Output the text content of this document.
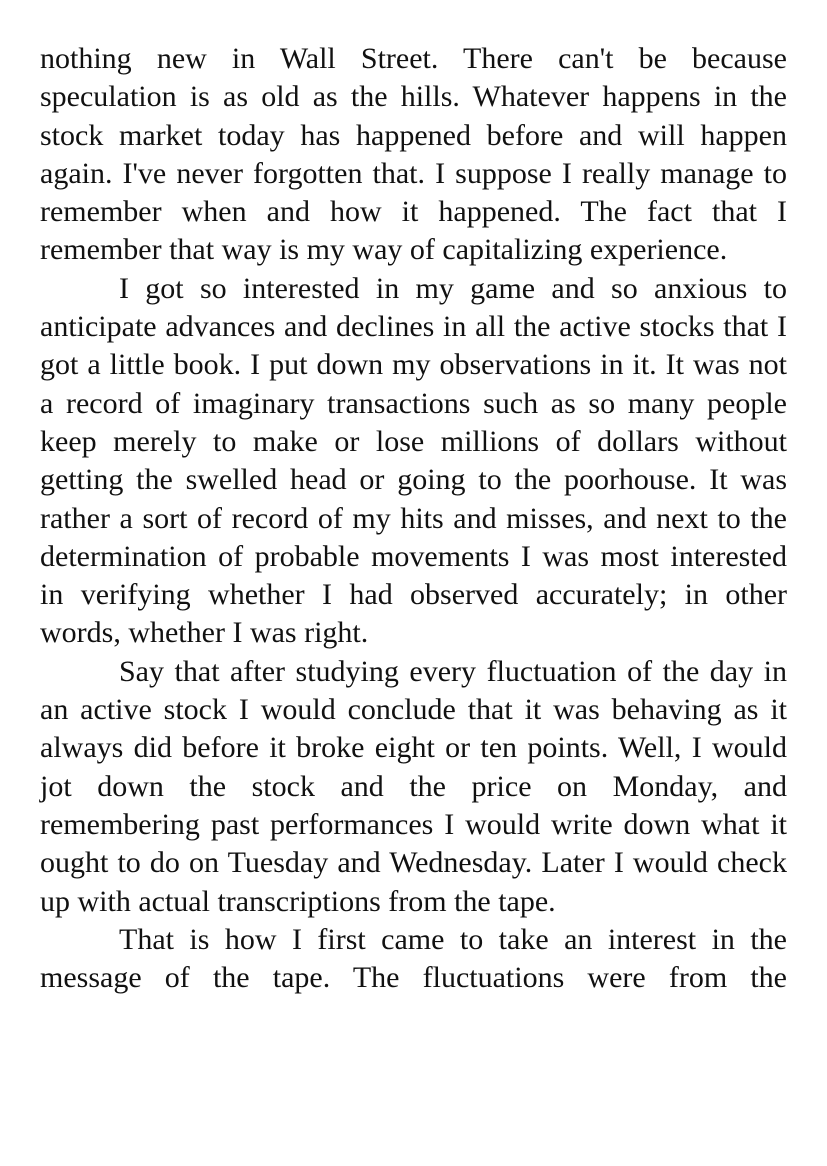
nothing new in Wall Street. There can't be because speculation is as old as the hills. Whatever happens in the stock market today has happened before and will happen again. I've never forgotten that. I suppose I really manage to remember when and how it happened. The fact that I remember that way is my way of capitalizing experience.

I got so interested in my game and so anxious to anticipate advances and declines in all the active stocks that I got a little book. I put down my observations in it. It was not a record of imaginary transactions such as so many people keep merely to make or lose millions of dollars without getting the swelled head or going to the poorhouse. It was rather a sort of record of my hits and misses, and next to the determination of probable movements I was most interested in verifying whether I had observed accurately; in other words, whether I was right.

Say that after studying every fluctuation of the day in an active stock I would conclude that it was behaving as it always did before it broke eight or ten points. Well, I would jot down the stock and the price on Monday, and remembering past performances I would write down what it ought to do on Tuesday and Wednesday. Later I would check up with actual transcriptions from the tape.

That is how I first came to take an interest in the message of the tape. The fluctuations were from the
